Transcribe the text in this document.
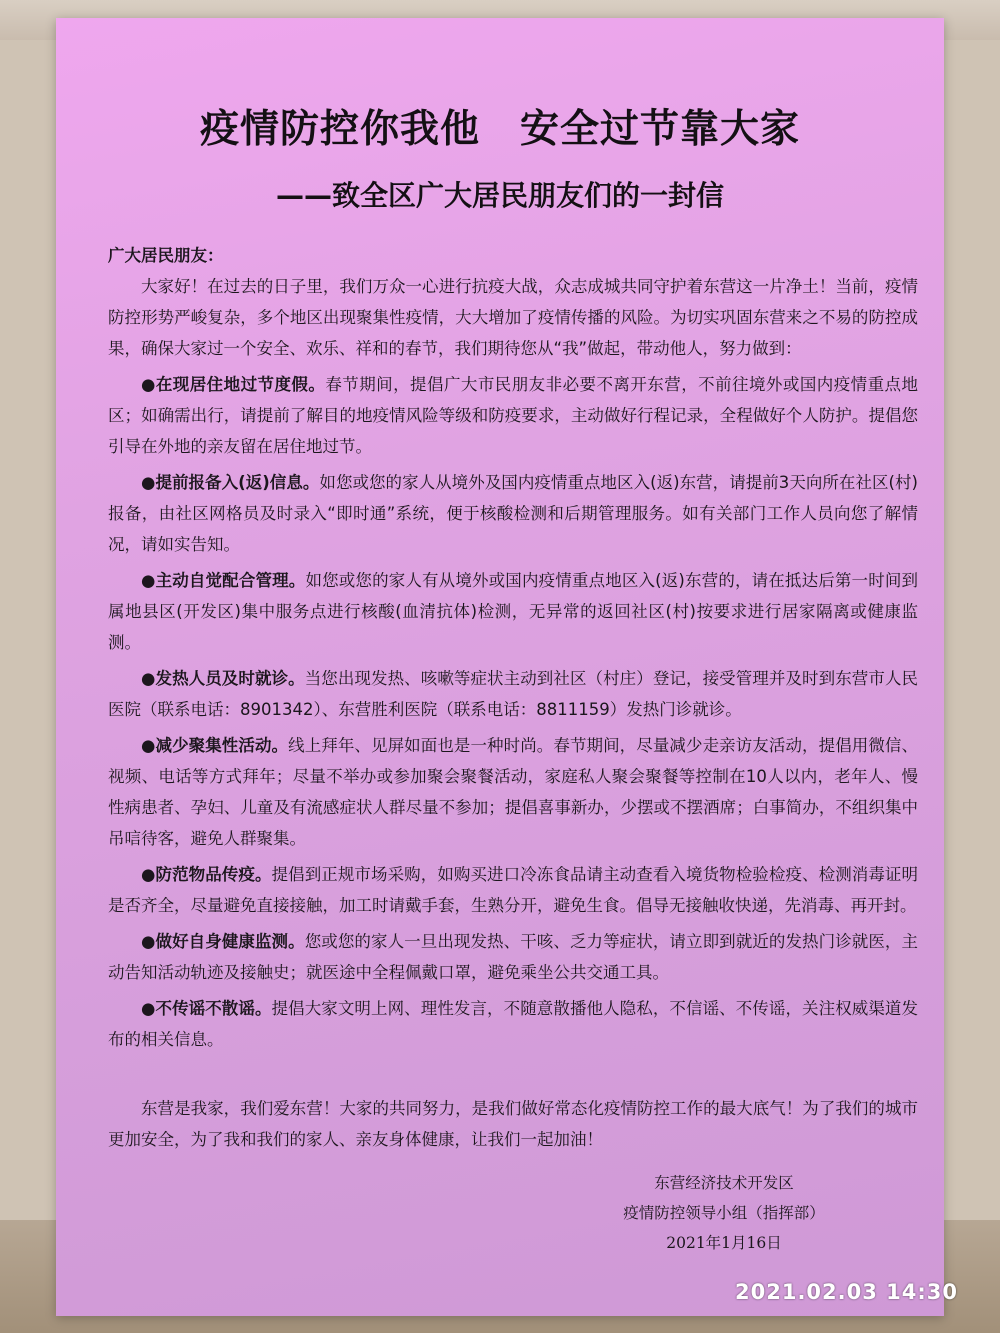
疫情防控你我他　安全过节靠大家
——致全区广大居民朋友们的一封信

广大居民朋友：

大家好！在过去的日子里，我们万众一心进行抗疫大战，众志成城共同守护着东营这一片净土！当前，疫情防控形势严峻复杂，多个地区出现聚集性疫情，大大增加了疫情传播的风险。为切实巩固东营来之不易的防控成果，确保大家过一个安全、欢乐、祥和的春节，我们期待您从“我”做起，带动他人，努力做到：

●在现居住地过节度假。春节期间，提倡广大市民朋友非必要不离开东营，不前往境外或国内疫情重点地区；如确需出行，请提前了解目的地疫情风险等级和防疫要求，主动做好行程记录，全程做好个人防护。提倡您引导在外地的亲友留在居住地过节。

●提前报备入(返)信息。如您或您的家人从境外及国内疫情重点地区入(返)东营，请提前3天向所在社区(村)报备，由社区网格员及时录入“即时通”系统，便于核酸检测和后期管理服务。如有关部门工作人员向您了解情况，请如实告知。

●主动自觉配合管理。如您或您的家人有从境外或国内疫情重点地区入(返)东营的，请在抵达后第一时间到属地县区(开发区)集中服务点进行核酸(血清抗体)检测，无异常的返回社区(村)按要求进行居家隔离或健康监测。

●发热人员及时就诊。当您出现发热、咳嗽等症状主动到社区（村庄）登记，接受管理并及时到东营市人民医院（联系电话：8901342）、东营胜利医院（联系电话：8811159）发热门诊就诊。

●减少聚集性活动。线上拜年、见屏如面也是一种时尚。春节期间，尽量减少走亲访友活动，提倡用微信、视频、电话等方式拜年；尽量不举办或参加聚会聚餐活动，家庭私人聚会聚餐等控制在10人以内，老年人、慢性病患者、孕妇、儿童及有流感症状人群尽量不参加；提倡喜事新办，少摆或不摆酒席；白事简办，不组织集中吊唁待客，避免人群聚集。

●防范物品传疫。提倡到正规市场采购，如购买进口冷冻食品请主动查看入境货物检验检疫、检测消毒证明是否齐全，尽量避免直接接触，加工时请戴手套，生熟分开，避免生食。倡导无接触收快递，先消毒、再开封。

●做好自身健康监测。您或您的家人一旦出现发热、干咳、乏力等症状，请立即到就近的发热门诊就医，主动告知活动轨迹及接触史；就医途中全程佩戴口罩，避免乘坐公共交通工具。

●不传谣不散谣。提倡大家文明上网、理性发言，不随意散播他人隐私，不信谣、不传谣，关注权威渠道发布的相关信息。

东营是我家，我们爱东营！大家的共同努力，是我们做好常态化疫情防控工作的最大底气！为了我们的城市更加安全，为了我和我们的家人、亲友身体健康，让我们一起加油！

东营经济技术开发区
疫情防控领导小组（指挥部）
2021年1月16日
2021.02.03 14:30
